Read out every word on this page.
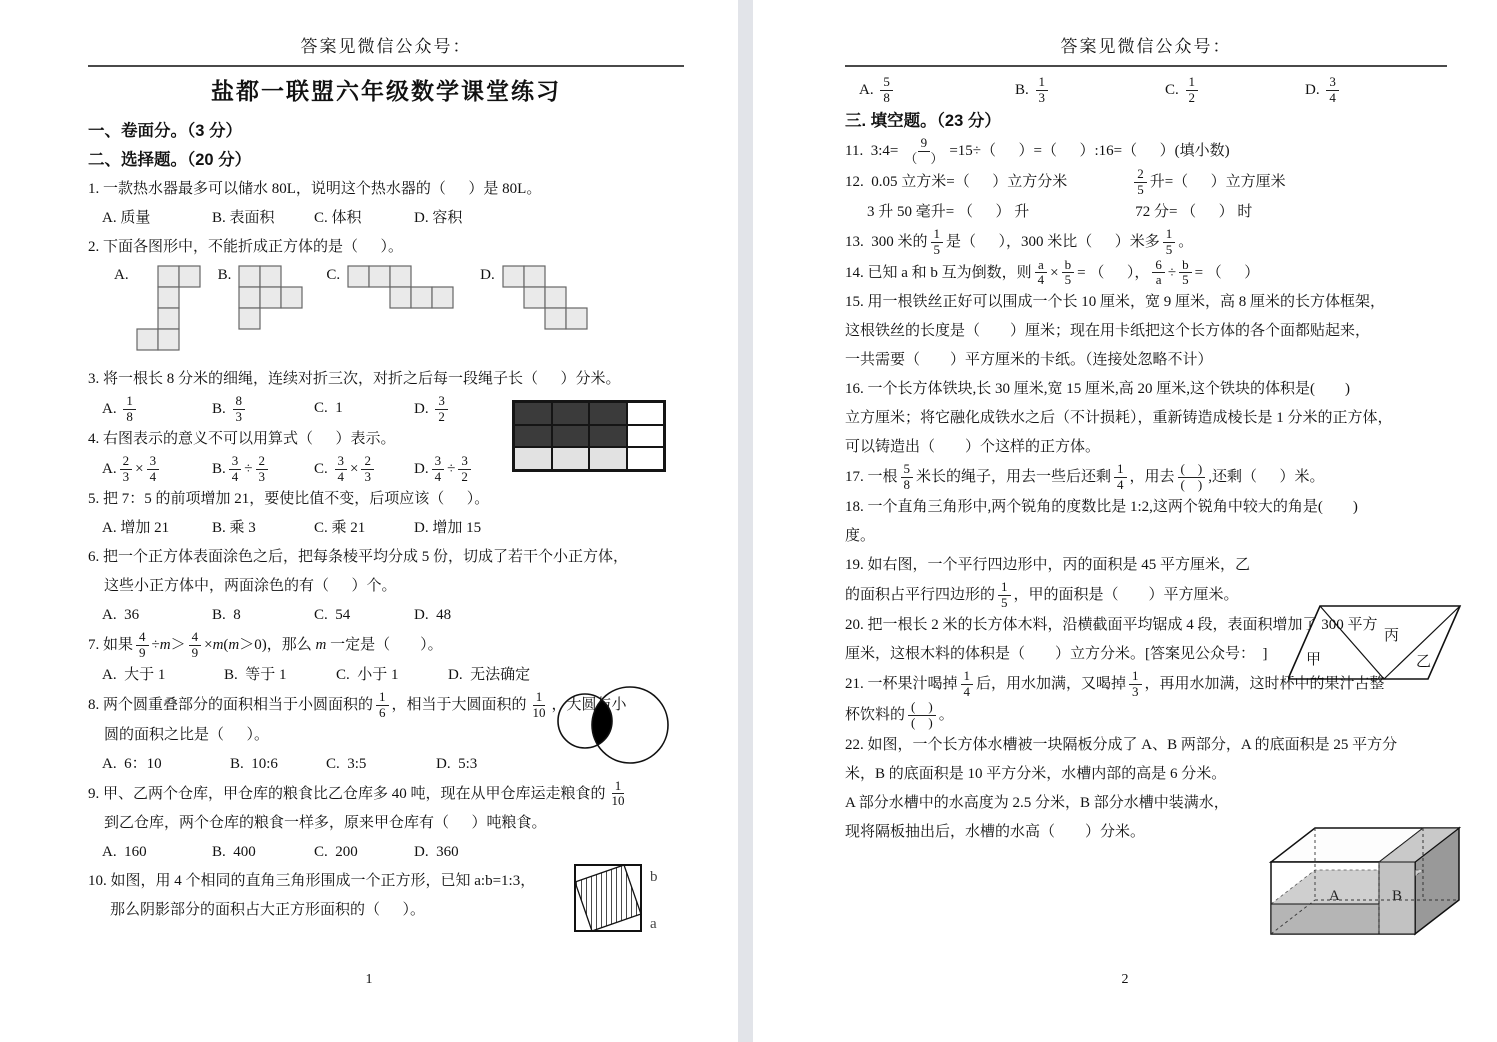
答案见微信公众号：
盐都一联盟六年级数学课堂练习
一、卷面分。（3 分）
二、选择题。（20 分）
1. 一款热水器最多可以储水 80L，说明这个热水器的（      ）是 80L。
A. 质量	B. 表面积	C. 体积	D. 容积
2. 下面各图形中，不能折成正方体的是（      ）。
A.	B.	C.	D.
3. 将一根长 8 分米的细绳，连续对折三次，对折之后每一段绳子长（      ）分米。
A. $\frac{1}{8}$	B. $\frac{8}{3}$	C.  1	D. $\frac{3}{2}$
4. 右图表示的意义不可以用算式（      ）表示。
A. $\frac{2}{3} \times \frac{3}{4}$	B. $\frac{3}{4} \div \frac{2}{3}$	C. $\frac{3}{4} \times \frac{2}{3}$	D. $\frac{3}{4} \div \frac{3}{2}$
5. 把 7：5 的前项增加 21，要使比值不变，后项应该（      ）。
A. 增加 21	B. 乘 3	C. 乘 21	D. 增加 15
6. 把一个正方体表面涂色之后，把每条棱平均分成 5 份，切成了若干个小正方体，
这些小正方体中，两面涂色的有（      ）个。
A.  36	B.  8	C.  54	D.  48
7. 如果 $\frac{4}{9} \div m> \frac{4}{9} \times m(m>0)$，那么 m 一定是（        ）。
A.  大于 1	B.  等于 1	C.  小于 1	D.  无法确定
8. 两个圆重叠部分的面积相当于小圆面积的 $\frac{1}{6}$ ，相当于大圆面积的 $\frac{1}{10}$ ，大圆与小
圆的面积之比是（      ）。
A.  6：10	B.  10:6	C.  3:5	D.  5:3
9. 甲、乙两个仓库，甲仓库的粮食比乙仓库多 40 吨，现在从甲仓库运走粮食的 $\frac{1}{10}$
到乙仓库，两个仓库的粮食一样多，原来甲仓库有（      ）吨粮食。
A.  160	B.  400	C.  200	D.  360
10. 如图，用 4 个相同的直角三角形围成一个正方形，已知 a:b=1:3，
那么阴影部分的面积占大正方形面积的（      ）。
b
a
1
答案见微信公众号：
A. $\frac{5}{8}$	B. $\frac{1}{3}$	C. $\frac{1}{2}$	D. $\frac{3}{4}$
三. 填空题。（23 分）
11.  3:4= $\frac{9}{( )} =15\div$（      ）=（      ）:16=（      ）(填小数)
12.  0.05 立方米=（      ）立方分米	$\frac{2}{5}$ 升=（      ）立方厘米
3 升 50 毫升= （      ） 升	72 分= （      ） 时
13.  300 米的 $\frac{1}{5}$ 是（      ），300 米比（      ）米多 $\frac{1}{5}$ 。
14. 已知 a 和 b 互为倒数，则 $\frac{a}{4} \times \frac{b}{5}$ = （      ）， $\frac{6}{a} \div \frac{b}{5}$ = （      ）
15. 用一根铁丝正好可以围成一个长 10 厘米，宽 9 厘米，高 8 厘米的长方体框架，
这根铁丝的长度是（        ）厘米；现在用卡纸把这个长方体的各个面都贴起来，
一共需要（        ）平方厘米的卡纸。（连接处忽略不计）
16. 一个长方体铁块,长 30 厘米,宽 15 厘米,高 20 厘米,这个铁块的体积是(        )
立方厘米；将它融化成铁水之后（不计损耗），重新铸造成棱长是 1 分米的正方体，
可以铸造出（        ）个这样的正方体。
17. 一根 $\frac{5}{8}$ 米长的绳子，用去一些后还剩 $\frac{1}{4}$ ，用去 $\frac{( )}{( )}$ ,还剩（      ）米。
18. 一个直角三角形中,两个锐角的度数比是 1:2,这两个锐角中较大的角是(        )
度。
19. 如右图，一个平行四边形中，丙的面积是 45 平方厘米，乙
的面积占平行四边形的 $\frac{1}{5}$ ，甲的面积是（        ）平方厘米。
20. 把一根长 2 米的长方体木料，沿横截面平均锯成 4 段，表面积增加了 300 平方
厘米，这根木料的体积是（        ）立方分米。[答案见公众号：  ]
21. 一杯果汁喝掉 $\frac{1}{4}$ 后，用水加满，又喝掉 $\frac{1}{3}$ ，再用水加满，这时杯中的果汁占整
杯饮料的 $\frac{( )}{( )}$ 。
22. 如图，一个长方体水槽被一块隔板分成了 A、B 两部分，A 的底面积是 25 平方分
米，B 的底面积是 10 平方分米，水槽内部的高是 6 分米。
A 部分水槽中的水高度为 2.5 分米，B 部分水槽中装满水，
现将隔板抽出后，水槽的水高（        ）分米。
甲
丙
乙
A	B
2
